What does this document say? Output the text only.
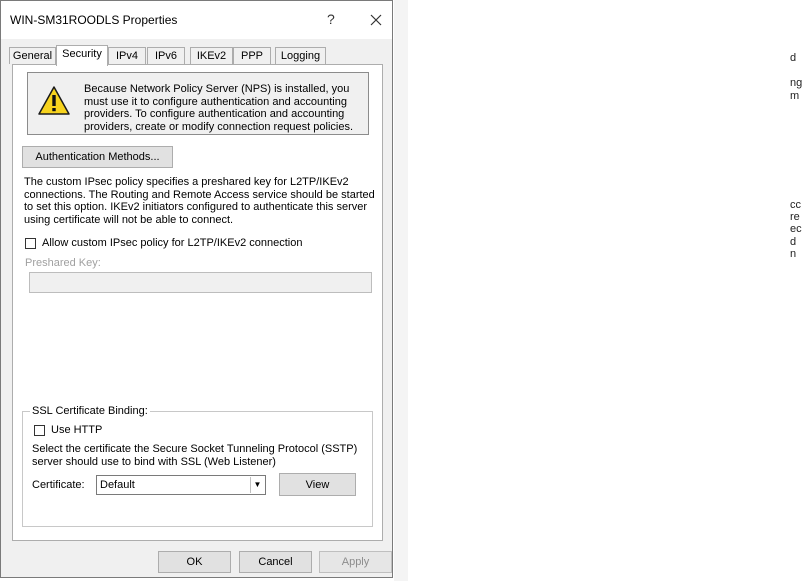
d
ng
m
cc
re
ec
d
n
WIN-SM31ROODLS Properties	?
General Security	IPv4	IPv6	IKEv2	PPP	Logging
Because Network Policy Server (NPS) is installed, you must use it to configure authentication and accounting providers. To configure authentication and accounting providers, create or modify connection request policies.
Authentication Methods...
The custom IPsec policy specifies a preshared key for L2TP/IKEv2 connections. The Routing and Remote Access service should be started to set this option. IKEv2 initiators configured to authenticate this server using certificate will not be able to connect.
Allow custom IPsec policy for L2TP/IKEv2 connection
Preshared Key:
SSL Certificate Binding:
Use HTTP
Select the certificate the Secure Socket Tunneling Protocol (SSTP) server should use to bind with SSL (Web Listener)
Certificate: Default	▼	View
OK	Cancel	Apply
